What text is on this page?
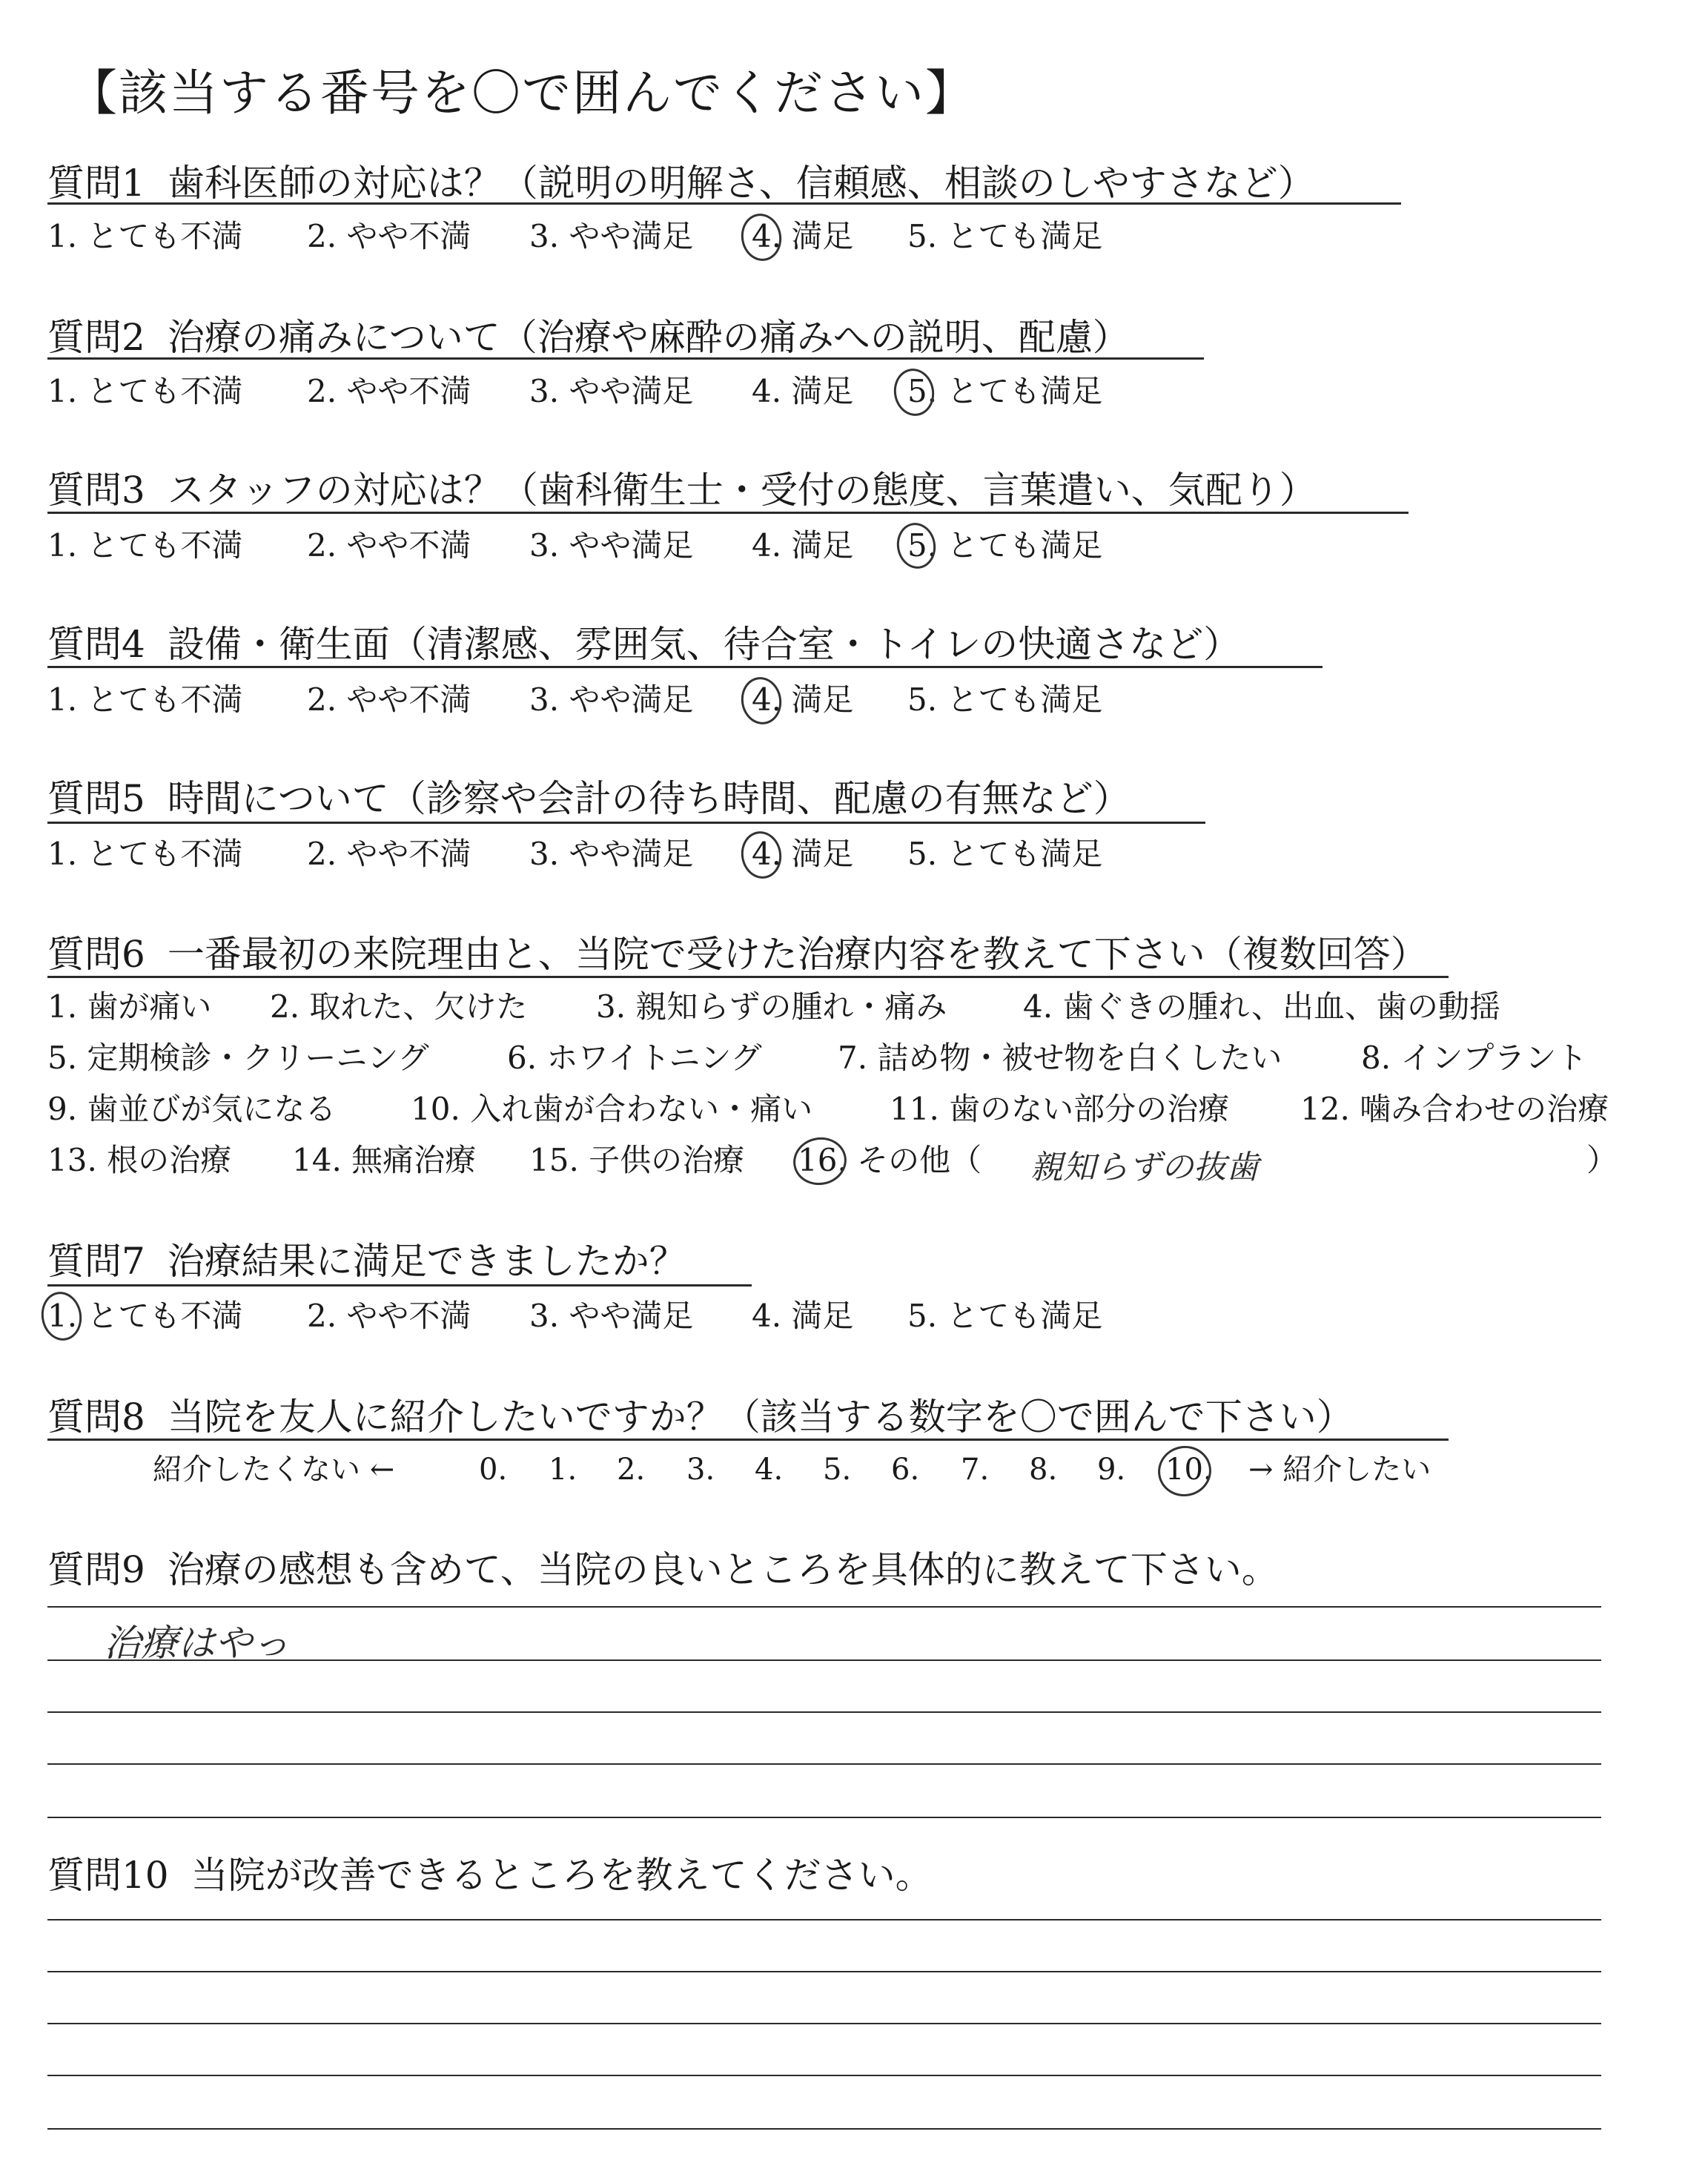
【該当する番号を〇で囲んでください】
質問1 歯科医師の対応は？（説明の明解さ、信頼感、相談のしやすさなど）
1. とても不満 2. やや不満 3. やや満足 4. 満足 5. とても満足
質問2 治療の痛みについて（治療や麻酔の痛みへの説明、配慮）
1. とても不満 2. やや不満 3. やや満足 4. 満足 5. とても満足
質問3 スタッフの対応は？（歯科衛生士・受付の態度、言葉遣い、気配り）
1. とても不満 2. やや不満 3. やや満足 4. 満足 5. とても満足
質問4 設備・衛生面（清潔感、雰囲気、待合室・トイレの快適さなど）
1. とても不満 2. やや不満 3. やや満足 4. 満足 5. とても満足
質問5 時間について（診察や会計の待ち時間、配慮の有無など）
1. とても不満 2. やや不満 3. やや満足 4. 満足 5. とても満足
質問6 一番最初の来院理由と、当院で受けた治療内容を教えて下さい（複数回答）
1. 歯が痛い 2. 取れた、欠けた 3. 親知らずの腫れ・痛み 4. 歯ぐきの腫れ、出血、歯の動揺
5. 定期検診・クリーニング	6. ホワイトニング 7. 詰め物・被せ物を白くしたい	8. インプラント
9. 歯並びが気になる 10. 入れ歯が合わない・痛い 11. 歯のない部分の治療 12. 噛み合わせの治療
13. 根の治療 14. 無痛治療 15. 子供の治療 16. その他（ 親知らずの抜歯	）
質問7 治療結果に満足できましたか？
1. とても不満 2. やや不満 3. やや満足 4. 満足 5. とても満足
質問8 当院を友人に紹介したいですか？（該当する数字を〇で囲んで下さい）
紹介したくない ←	0. 1. 2. 3. 4. 5. 6. 7. 8. 9. 10. → 紹介したい
質問9 治療の感想も含めて、当院の良いところを具体的に教えて下さい。
治療はやっ
質問10 当院が改善できるところを教えてください。
